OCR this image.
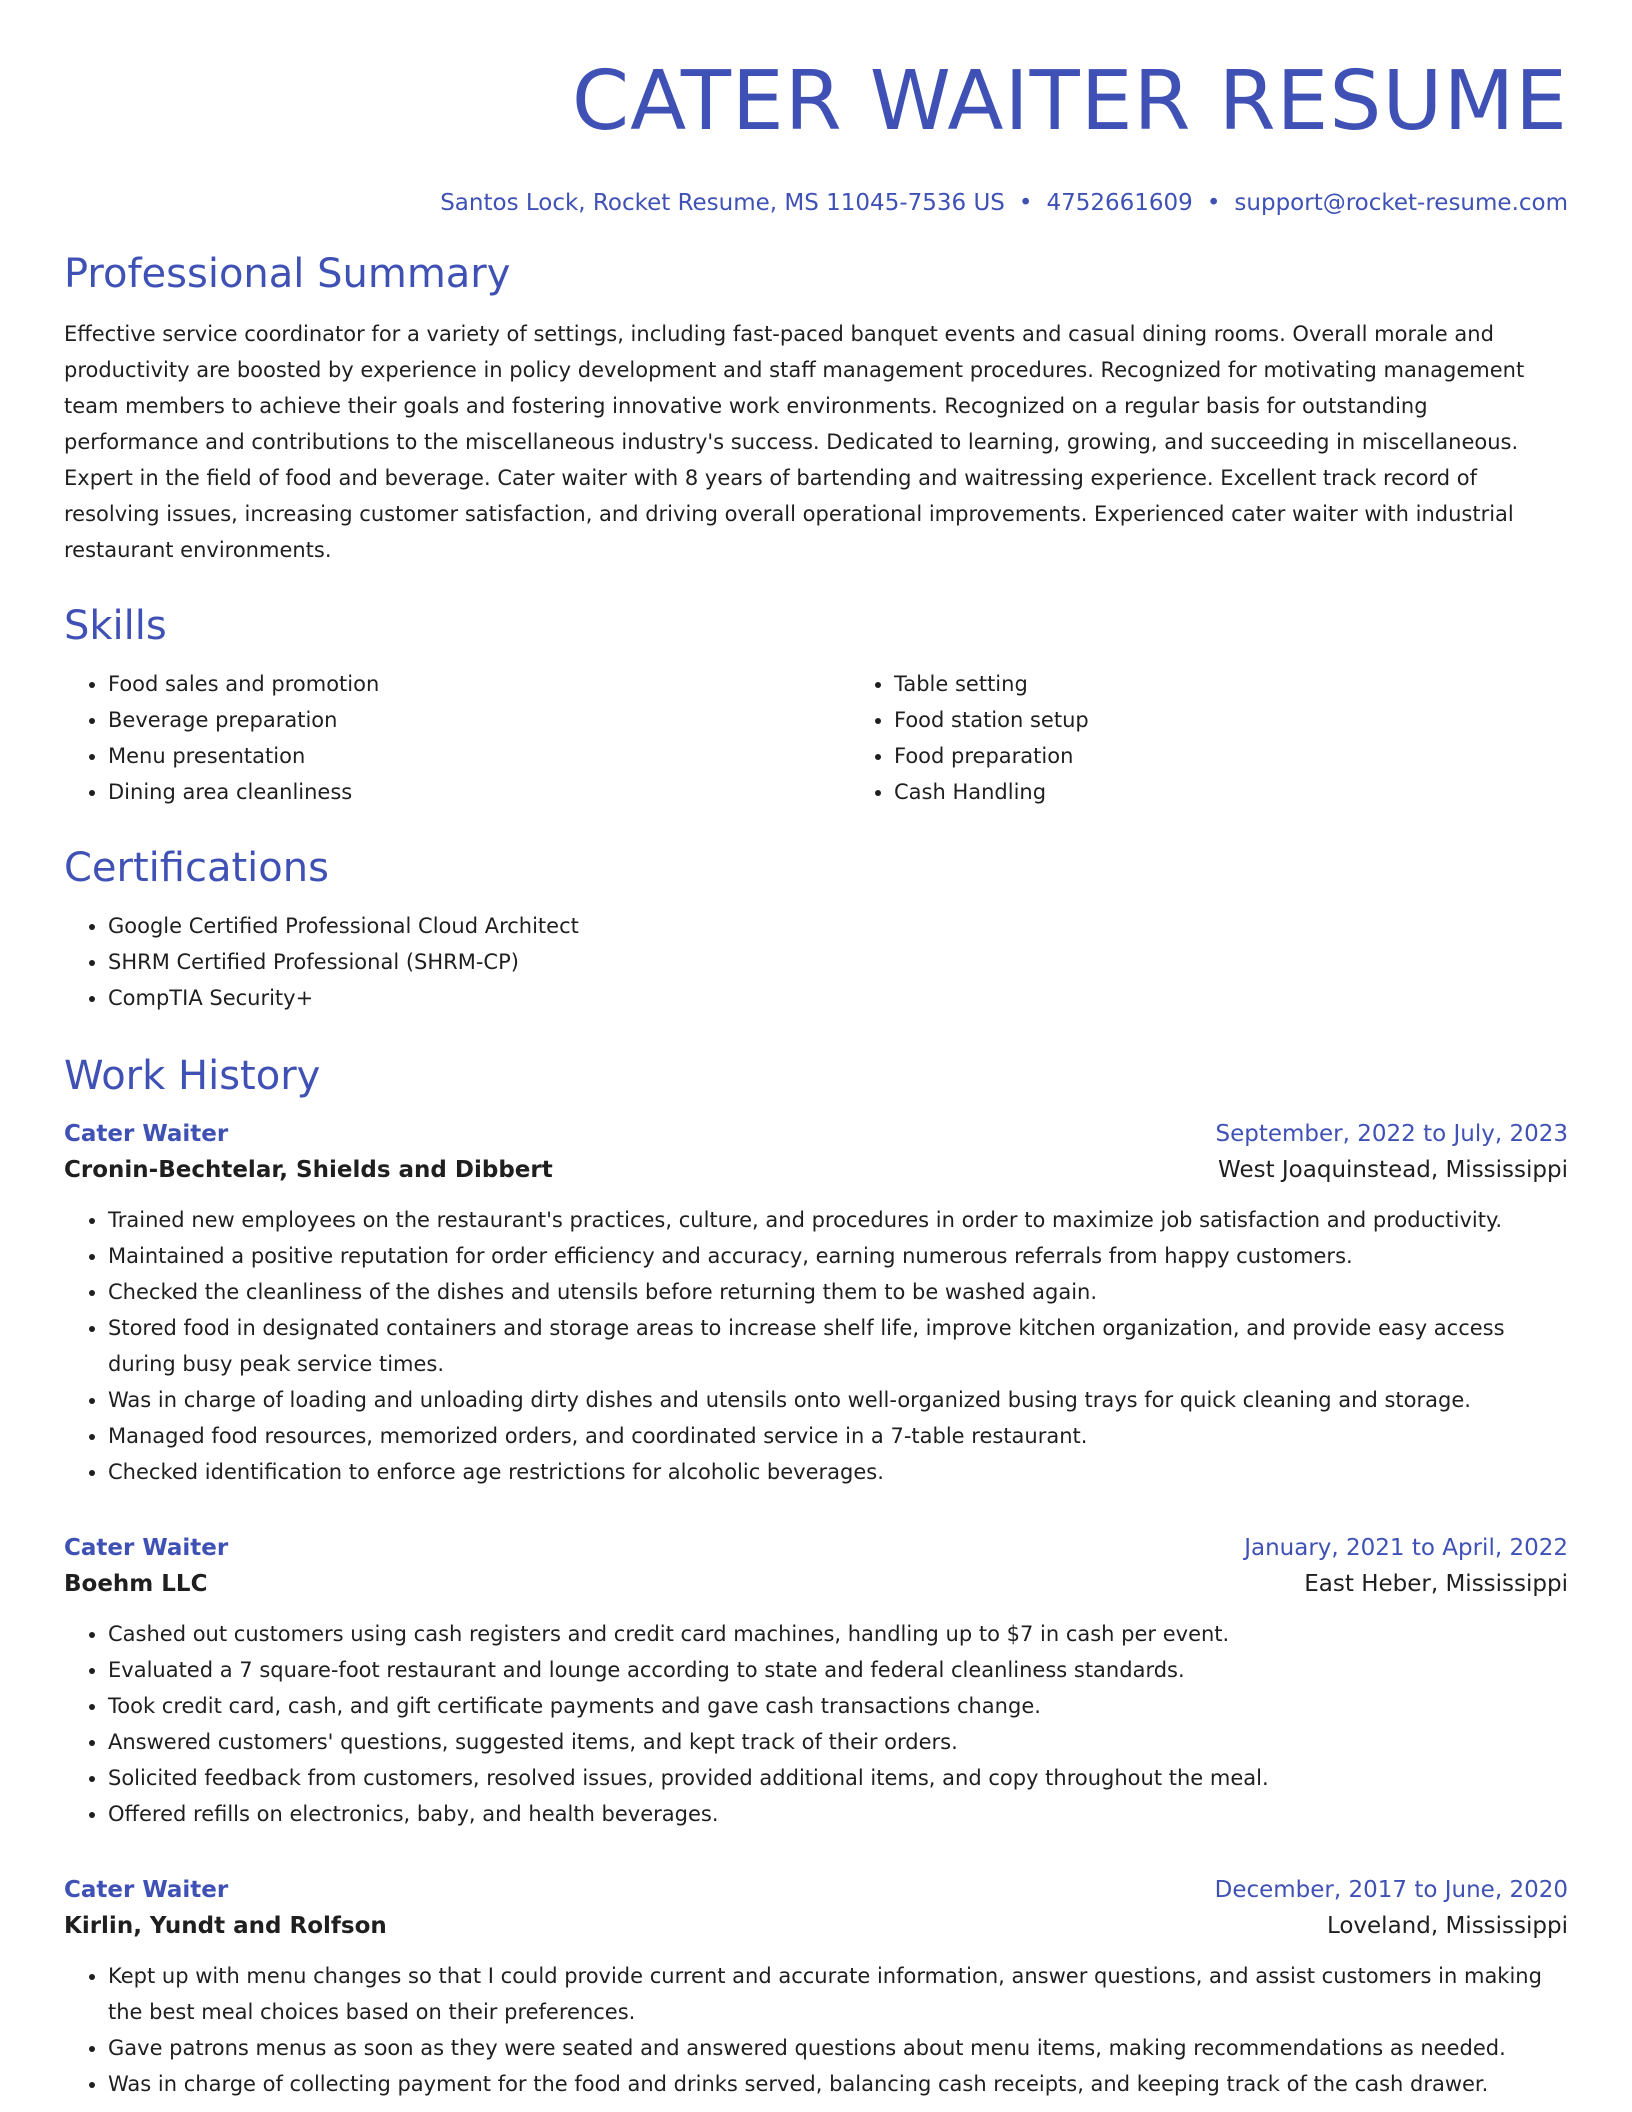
CATER WAITER RESUME
Santos Lock, Rocket Resume, MS 11045-7536 US • 4752661609 • support@rocket-resume.com
Professional Summary
Effective service coordinator for a variety of settings, including fast-paced banquet events and casual dining rooms. Overall morale and productivity are boosted by experience in policy development and staff management procedures. Recognized for motivating management team members to achieve their goals and fostering innovative work environments. Recognized on a regular basis for outstanding performance and contributions to the miscellaneous industry's success. Dedicated to learning, growing, and succeeding in miscellaneous. Expert in the field of food and beverage. Cater waiter with 8 years of bartending and waitressing experience. Excellent track record of resolving issues, increasing customer satisfaction, and driving overall operational improvements. Experienced cater waiter with industrial restaurant environments.
Skills
• Food sales and promotion
• Beverage preparation
• Menu presentation
• Dining area cleanliness
• Table setting
• Food station setup
• Food preparation
• Cash Handling
Certifications
• Google Certified Professional Cloud Architect
• SHRM Certified Professional (SHRM-CP)
• CompTIA Security+
Work History
Cater Waiter	September, 2022 to July, 2023
Cronin-Bechtelar, Shields and Dibbert	West Joaquinstead, Mississippi
• Trained new employees on the restaurant's practices, culture, and procedures in order to maximize job satisfaction and productivity.
• Maintained a positive reputation for order efficiency and accuracy, earning numerous referrals from happy customers.
• Checked the cleanliness of the dishes and utensils before returning them to be washed again.
• Stored food in designated containers and storage areas to increase shelf life, improve kitchen organization, and provide easy access during busy peak service times.
• Was in charge of loading and unloading dirty dishes and utensils onto well-organized busing trays for quick cleaning and storage.
• Managed food resources, memorized orders, and coordinated service in a 7-table restaurant.
• Checked identification to enforce age restrictions for alcoholic beverages.
Cater Waiter	January, 2021 to April, 2022
Boehm LLC	East Heber, Mississippi
• Cashed out customers using cash registers and credit card machines, handling up to $7 in cash per event.
• Evaluated a 7 square-foot restaurant and lounge according to state and federal cleanliness standards.
• Took credit card, cash, and gift certificate payments and gave cash transactions change.
• Answered customers' questions, suggested items, and kept track of their orders.
• Solicited feedback from customers, resolved issues, provided additional items, and copy throughout the meal.
• Offered refills on electronics, baby, and health beverages.
Cater Waiter	December, 2017 to June, 2020
Kirlin, Yundt and Rolfson	Loveland, Mississippi
• Kept up with menu changes so that I could provide current and accurate information, answer questions, and assist customers in making the best meal choices based on their preferences.
• Gave patrons menus as soon as they were seated and answered questions about menu items, making recommendations as needed.
• Was in charge of collecting payment for the food and drinks served, balancing cash receipts, and keeping track of the cash drawer.
